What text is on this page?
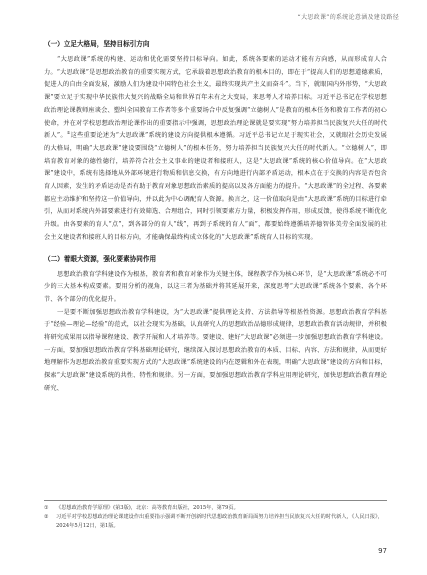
“大思政课”的系统论意涵及建设路径
（一）立足大格局，坚持目标引方向

“大思政课”系统的构建、运动和优化需要坚持目标导向。如此，系统各要素的运动才能有方向感，从而形成育人合力。“大思政课”是思想政治教育的重要实现方式，它承载着思想政治教育的根本目的，即在于“提高人们的思想道德素质，促进人的自由全面发展，激励人们为建设中国特色社会主义，最终实现共产主义而奋斗”。当下，就眼国内外形势，“大思政课”要立足于实现中华民族伟大复兴的战略全局和世界百年未有之大变局，来思考人才培养目标。习近平总书记在学校思想政治理论课教师座谈会、塑纠全国教育工作者等多个重要场合中反复强调“立德树人”是教育的根本任务和教育工作者的初心使命，并在对学校思想政治理论课作出的重要指示中强调，思想政治理论课就是要实现“努力培养担当民族复兴大任的时代新人”。①这些重要论述为“大思政课”系统的建设方向提供根本遵循。习近平总书记立足于现实社会，又就眼社会历史发展的大格局，明确“大思政课”建设要围绕“立德树人”的根本任务，努力培养担当民族复兴大任的时代新人。“立德树人”，即培育教育对象的德性德行，培养符合社会主义事业的建设者和接班人，这是“大思政课”系统的核心价值导向。在“大思政课”建设中，系统有选择地从外部环境进行物质和信息交换，有方向地进行内部矛盾运动，根本点在于交换的内容是否包含育人因素，发生的矛盾运动是否有助于教育对象思想政治素质的提高以及各方面能力的提升。“大思政课”的全过程、各要素都应主动维护和坚持这一价值导向，并以此为中心调配育人资源。换言之，这一价值取向是由“大思政课”系统的目标进行牵引，从而对系统内外部要素进行有效筛选、合理组合，同时引领要素方力量，积极发挥作用，形成反馈，使得系统不断优化升级。由各要素的育人“点”，到各部分的育人“线”，再到子系统的育人“面”，都要始终遵循培养德智体美劳全面发展的社会主义建设者和接班人的目标方向，才能确保最终构成立体化的“大思政课”系统育人目标的实现。

（二）着眼大资源，强化要素协同作用

思想政治教育学科建设作为根基，教育者和教育对象作为关键主体，课程教学作为核心环节，是“大思政课”系统必不可少的三大基本构成要素。要用分析的视角，以这三者为基础并将其延展开来，深度思考“大思政课”系统各个要素、各个环节、各个部分的优化提升。

一是要不断加强思想政治教育学科建设，为“大思政课”提供理论支持、方法指导等根基性资源。思想政治教育学科基于“经验—理论—经验”的范式，以社会现实为基础，认真研究人的思想政治品德形成规律，思想政治教育活动规律，并积极将研究成果用以指导课程建设、教学开展和人才培养等。要建设、建好“大思政课”必须进一步加强思想政治教育学科建设。一方面，要加强思想政治教育学科基础理论研究，继续深入探讨思想政治教育的本质、目标、内容、方法和规律，从而更好地理解作为思想政治教育重要实现方式的“大思政课”系统建设的内在逻辑和外在表现，明确“大思政课”建设的方向和目标，探索“大思政课”建设系统的共性、特性和规律。另一方面，要加强思想政治教育学科应用理论研究，加快思想政治教育理论研究、

① 《思想政治教育学原理》(第3版)，北京：高等教育出版社，2015年，第79页。

② 习近平对学校思想政治理论课建设作出重要指示强调不断开创新时代思想政治教育新局面努力培养担当民族复兴大任的时代新人，《人民日报》，2024年5月12日，第1版。

97
